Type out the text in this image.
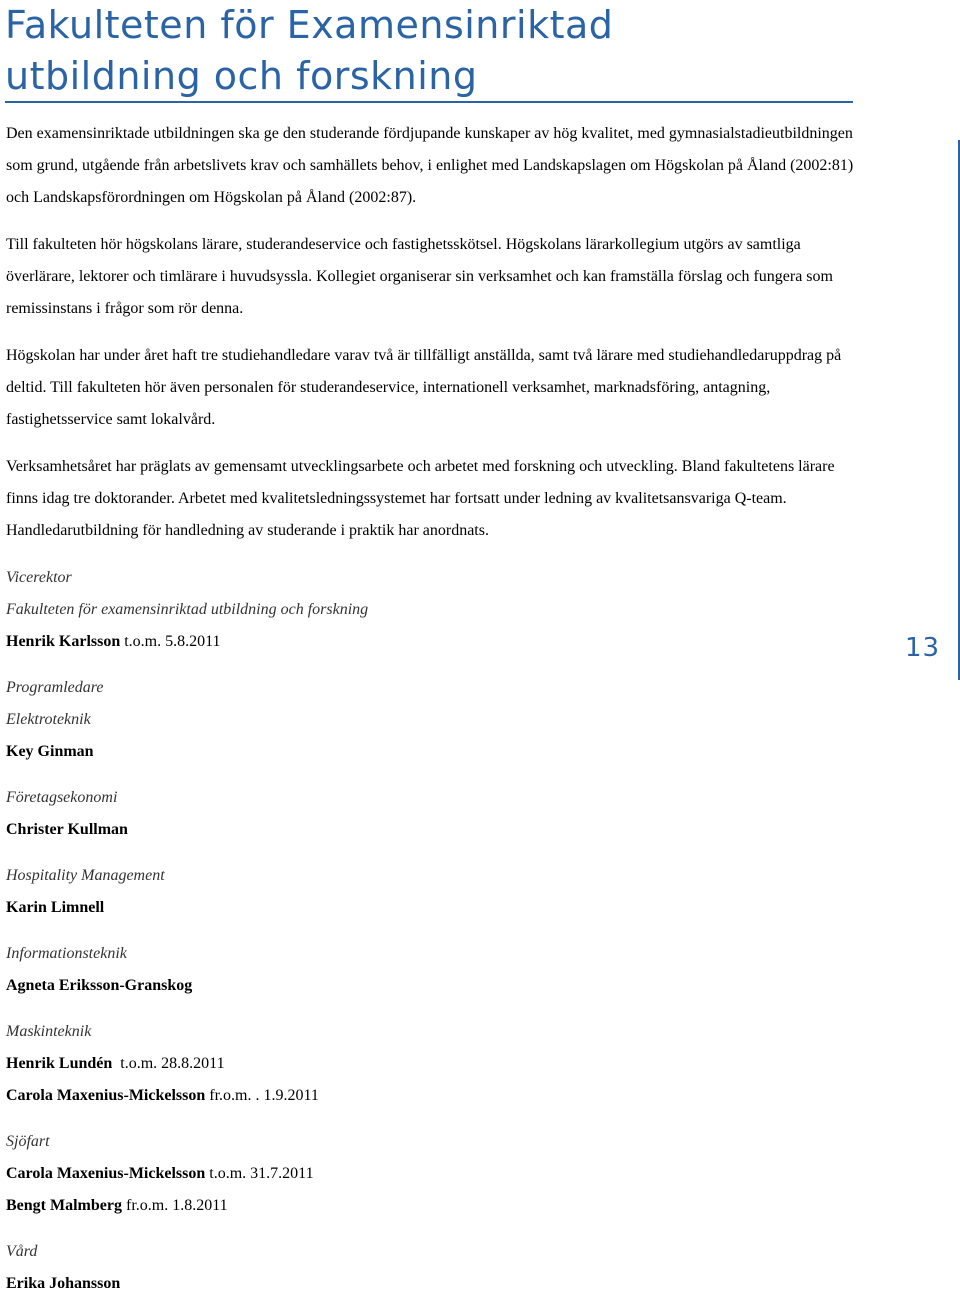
Fakulteten för Examensinriktad
utbildning och forskning

Den examensinriktade utbildningen ska ge den studerande fördjupande kunskaper av hög kvalitet, med gymnasialstadieutbildningen som grund, utgående från arbetslivets krav och samhällets behov, i enlighet med Landskapslagen om Högskolan på Åland (2002:81) och Landskapsförordningen om Högskolan på Åland (2002:87).

Till fakulteten hör högskolans lärare, studerandeservice och fastighetsskötsel. Högskolans lärarkollegium utgörs av samtliga överlärare, lektorer och timlärare i huvudsyssla. Kollegiet organiserar sin verksamhet och kan framställa förslag och fungera som remissinstans i frågor som rör denna.

Högskolan har under året haft tre studiehandledare varav två är tillfälligt anställda, samt två lärare med studiehandledaruppdrag på deltid. Till fakulteten hör även personalen för studerandeservice, internationell verksamhet, marknadsföring, antagning, fastighetsservice samt lokalvård.

Verksamhetsåret har präglats av gemensamt utvecklingsarbete och arbetet med forskning och utveckling. Bland fakultetens lärare finns idag tre doktorander. Arbetet med kvalitetsledningssystemet har fortsatt under ledning av kvalitetsansvariga Q-team. Handledarutbildning för handledning av studerande i praktik har anordnats.

Vicerektor

Fakulteten för examensinriktad utbildning och forskning

Henrik Karlsson t.o.m. 5.8.2011

Programledare

Elektroteknik

Key Ginman

Företagsekonomi

Christer Kullman

Hospitality Management

Karin Limnell

Informationsteknik

Agneta Eriksson-Granskog

Maskinteknik

Henrik Lundén  t.o.m. 28.8.2011

Carola Maxenius-Mickelsson fr.o.m. . 1.9.2011

Sjöfart

Carola Maxenius-Mickelsson t.o.m. 31.7.2011

Bengt Malmberg fr.o.m. 1.8.2011

Vård

Erika Johansson

13
